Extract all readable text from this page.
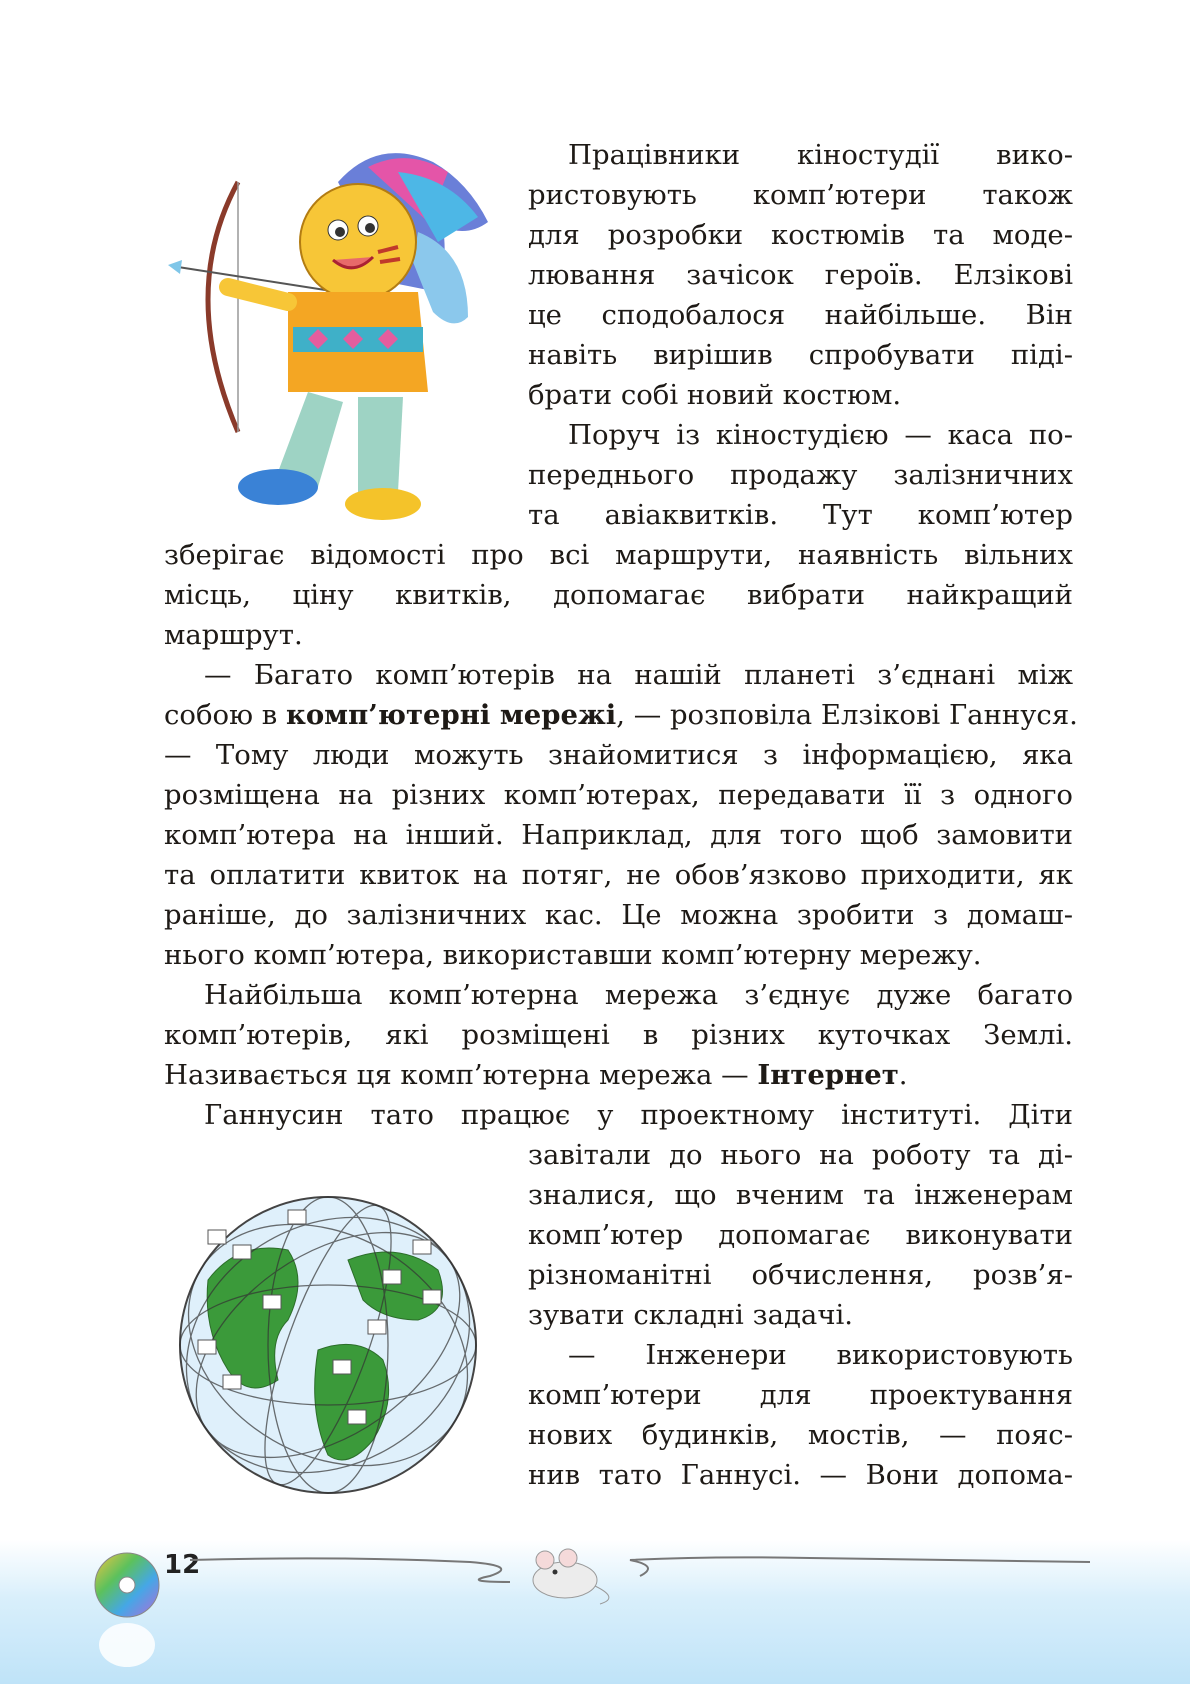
Працівники кіностудії вико-
ристовують комп’ютери також
для розробки костюмів та моде-
лювання зачісок героїв. Елзікові
це сподобалося найбільше. Він
навіть вирішив спробувати піді-
брати собі новий костюм.
Поруч із кіностудією — каса по-
переднього продажу залізничних
та авіаквитків. Тут комп’ютер
зберігає відомості про всі маршрути, наявність вільних
місць, ціну квитків, допомагає вибрати найкращий
маршрут.
— Багато комп’ютерів на нашій планеті з’єднані між
собою в комп’ютерні мережі, — розповіла Елзікові Ганнуся.
— Тому люди можуть знайомитися з інформацією, яка
розміщена на різних комп’ютерах, передавати її з одного
комп’ютера на інший. Наприклад, для того щоб замовити
та оплатити квиток на потяг, не обов’язково приходити, як
раніше, до залізничних кас. Це можна зробити з домаш-
нього комп’ютера, використавши комп’ютерну мережу.
Найбільша комп’ютерна мережа з’єднує дуже багато
комп’ютерів, які розміщені в різних куточках Землі.
Називається ця комп’ютерна мережа — Інтернет.
Ганнусин тато працює у проектному інституті. Діти
завітали до нього на роботу та ді-
зналися, що вченим та інженерам
комп’ютер допомагає виконувати
різноманітні обчислення, розв’я-
зувати складні задачі.
— Інженери використовують
комп’ютери для проектування
нових будинків, мостів, — пояс-
нив тато Ганнусі. — Вони допома-
12
